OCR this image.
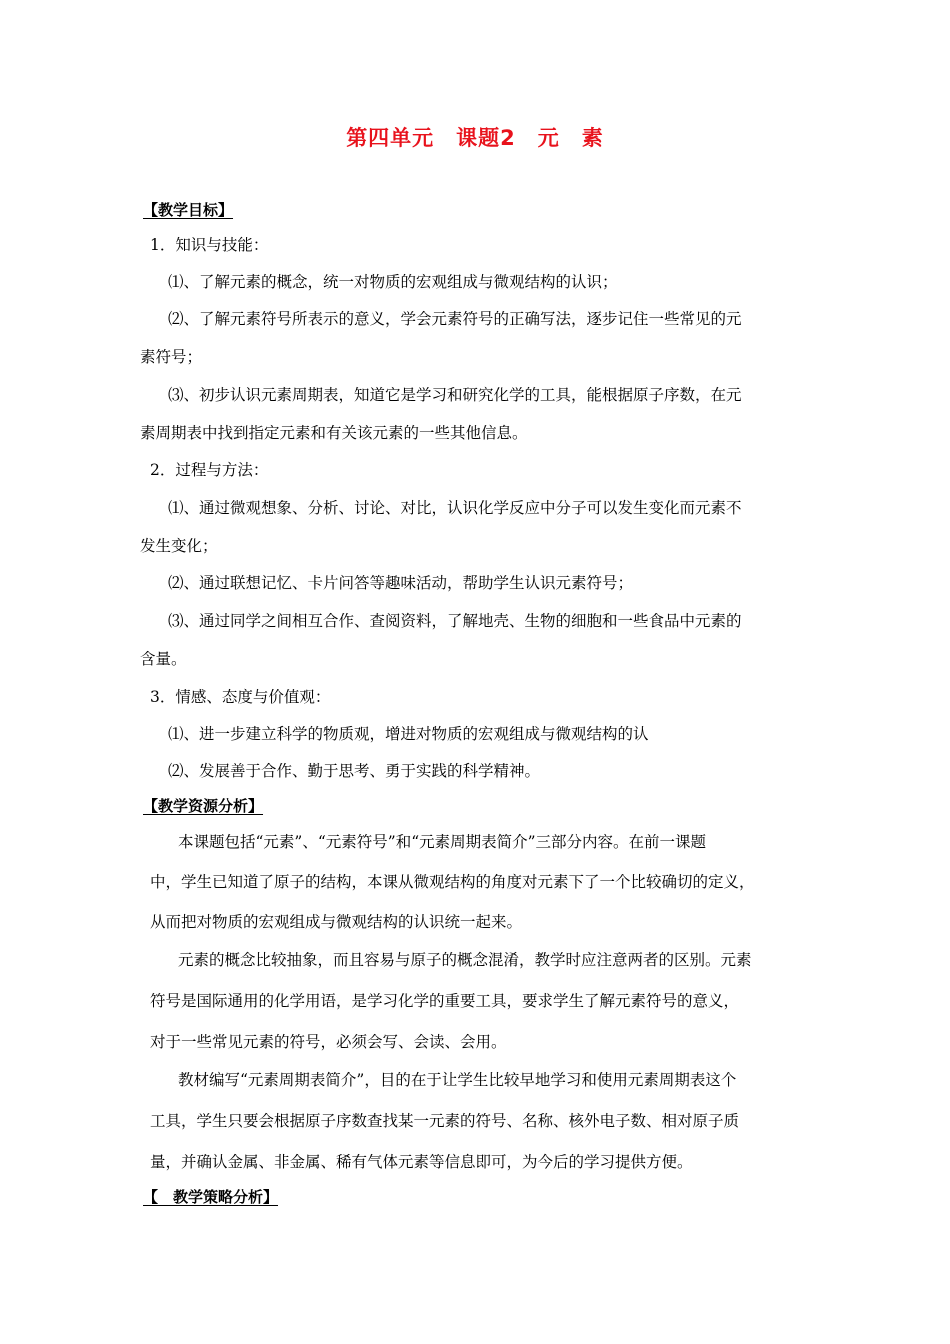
第四单元　课题2　元　素
【教学目标】
1．知识与技能：
⑴、了解元素的概念，统一对物质的宏观组成与微观结构的认识；
⑵、了解元素符号所表示的意义，学会元素符号的正确写法，逐步记住一些常见的元
素符号；
⑶、初步认识元素周期表，知道它是学习和研究化学的工具，能根据原子序数，在元
素周期表中找到指定元素和有关该元素的一些其他信息。
2．过程与方法：
⑴、通过微观想象、分析、讨论、对比，认识化学反应中分子可以发生变化而元素不
发生变化；
⑵、通过联想记忆、卡片问答等趣味活动，帮助学生认识元素符号；
⑶、通过同学之间相互合作、查阅资料，了解地壳、生物的细胞和一些食品中元素的
含量。
3．情感、态度与价值观：
⑴、进一步建立科学的物质观，增进对物质的宏观组成与微观结构的认
⑵、发展善于合作、勤于思考、勇于实践的科学精神。
【教学资源分析】
本课题包括“元素”、“元素符号”和“元素周期表简介”三部分内容。在前一课题
中，学生已知道了原子的结构，本课从微观结构的角度对元素下了一个比较确切的定义，
从而把对物质的宏观组成与微观结构的认识统一起来。
元素的概念比较抽象，而且容易与原子的概念混淆，教学时应注意两者的区别。元素
符号是国际通用的化学用语，是学习化学的重要工具，要求学生了解元素符号的意义，
对于一些常见元素的符号，必须会写、会读、会用。
教材编写“元素周期表简介”，目的在于让学生比较早地学习和使用元素周期表这个
工具，学生只要会根据原子序数查找某一元素的符号、名称、核外电子数、相对原子质
量，并确认金属、非金属、稀有气体元素等信息即可，为今后的学习提供方便。
【　教学策略分析】
